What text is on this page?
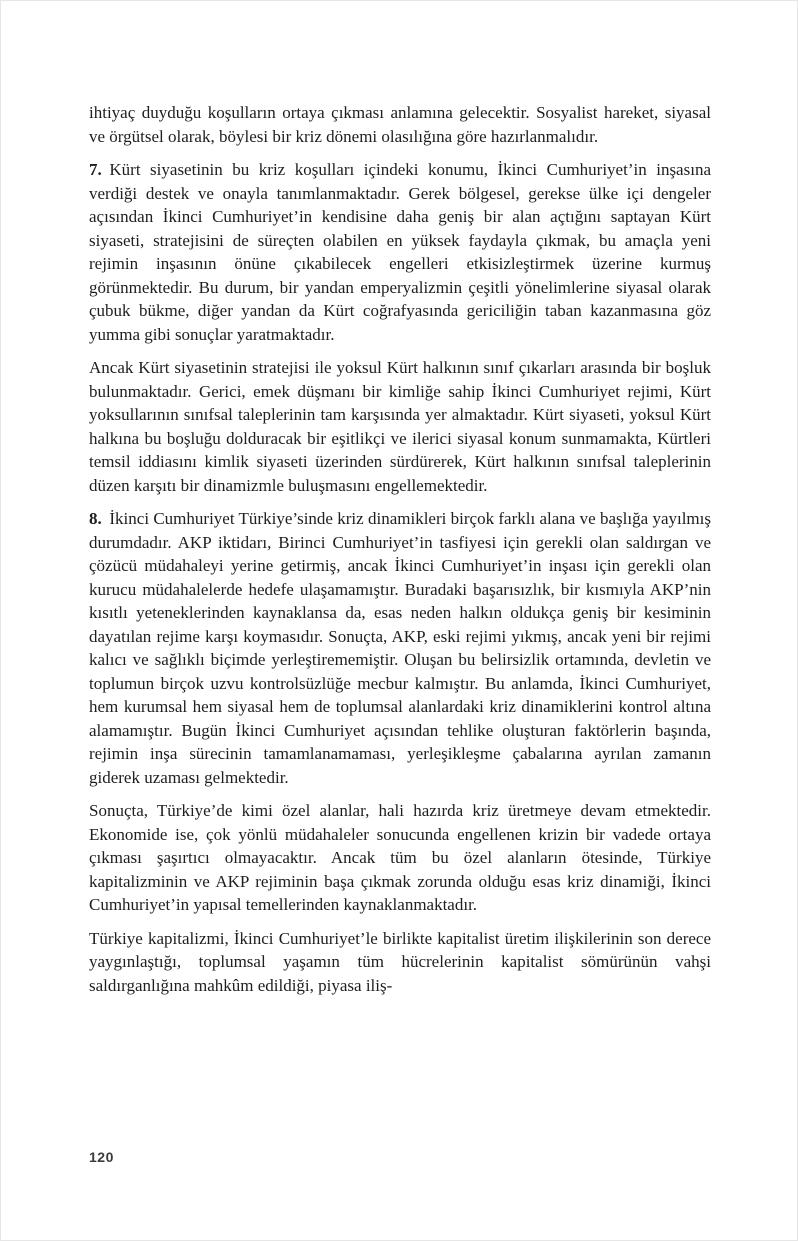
ihtiyaç duyduğu koşulların ortaya çıkması anlamına gelecektir. Sosyalist hareket, siyasal ve örgütsel olarak, böylesi bir kriz dönemi olasılığına göre hazırlanmalıdır.

7. Kürt siyasetinin bu kriz koşulları içindeki konumu, İkinci Cumhuriyet’in inşasına verdiği destek ve onayla tanımlanmaktadır. Gerek bölgesel, gerekse ülke içi dengeler açısından İkinci Cumhuriyet’in kendisine daha geniş bir alan açtığını saptayan Kürt siyaseti, stratejisini de süreçten olabilen en yüksek faydayla çıkmak, bu amaçla yeni rejimin inşasının önüne çıkabilecek engelleri etkisizleştirmek üzerine kurmuş görünmektedir. Bu durum, bir yandan emperyalizmin çeşitli yönelimlerine siyasal olarak çubuk bükme, diğer yandan da Kürt coğrafyasında gericiliğin taban kazanmasına göz yumma gibi sonuçlar yaratmaktadır.

Ancak Kürt siyasetinin stratejisi ile yoksul Kürt halkının sınıf çıkarları arasında bir boşluk bulunmaktadır. Gerici, emek düşmanı bir kimliğe sahip İkinci Cumhuriyet rejimi, Kürt yoksullarının sınıfsal taleplerinin tam karşısında yer almaktadır. Kürt siyaseti, yoksul Kürt halkına bu boşluğu dolduracak bir eşitlikçi ve ilerici siyasal konum sunmamakta, Kürtleri temsil iddiasını kimlik siyaseti üzerinden sürdürerek, Kürt halkının sınıfsal taleplerinin düzen karşıtı bir dinamizmle buluşmasını engellemektedir.

8. İkinci Cumhuriyet Türkiye’sinde kriz dinamikleri birçok farklı alana ve başlığa yayılmış durumdadır. AKP iktidarı, Birinci Cumhuriyet’in tasfiyesi için gerekli olan saldırgan ve çözücü müdahaleyi yerine getirmiş, ancak İkinci Cumhuriyet’in inşası için gerekli olan kurucu müdahalelerde hedefe ulaşamamıştır. Buradaki başarısızlık, bir kısmıyla AKP’nin kısıtlı yeteneklerinden kaynaklansa da, esas neden halkın oldukça geniş bir kesiminin dayatılan rejime karşı koymasıdır. Sonuçta, AKP, eski rejimi yıkmış, ancak yeni bir rejimi kalıcı ve sağlıklı biçimde yerleştirememiştir. Oluşan bu belirsizlik ortamında, devletin ve toplumun birçok uzvu kontrolsüzlüğe mecbur kalmıştır. Bu anlamda, İkinci Cumhuriyet, hem kurumsal hem siyasal hem de toplumsal alanlardaki kriz dinamiklerini kontrol altına alamamıştır. Bugün İkinci Cumhuriyet açısından tehlike oluşturan faktörlerin başında, rejimin inşa sürecinin tamamlanamaması, yerleşikleşme çabalarına ayrılan zamanın giderek uzaması gelmektedir.

Sonuçta, Türkiye’de kimi özel alanlar, hali hazırda kriz üretmeye devam etmektedir. Ekonomide ise, çok yönlü müdahaleler sonucunda engellenen krizin bir vadede ortaya çıkması şaşırtıcı olmayacaktır. Ancak tüm bu özel alanların ötesinde, Türkiye kapitalizminin ve AKP rejiminin başa çıkmak zorunda olduğu esas kriz dinamiği, İkinci Cumhuriyet’in yapısal temellerinden kaynaklanmaktadır.

Türkiye kapitalizmi, İkinci Cumhuriyet’le birlikte kapitalist üretim ilişkilerinin son derece yaygınlaştığı, toplumsal yaşamın tüm hücrelerinin kapitalist sömürünün vahşi saldırganlığına mahkûm edildiği, piyasa iliş-

120
